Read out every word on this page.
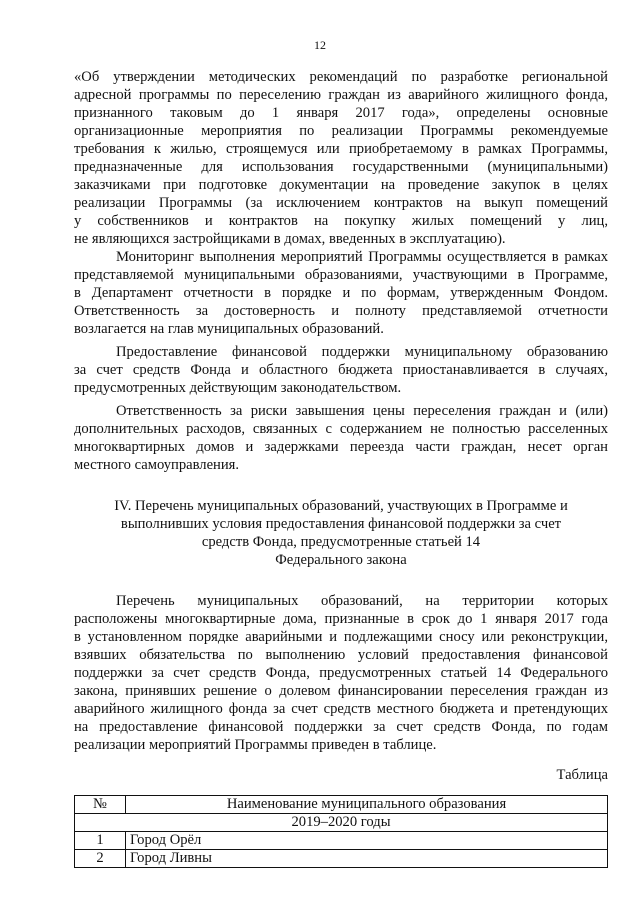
12
«Об утверждении методических рекомендаций по разработке региональной
адресной программы по переселению граждан из аварийного жилищного фонда,
признанного таковым до 1 января 2017 года», определены основные
организационные мероприятия по реализации Программы рекомендуемые
требования к жилью, строящемуся или приобретаемому в рамках Программы,
предназначенные для использования государственными (муниципальными)
заказчиками при подготовке документации на проведение закупок в целях
реализации Программы (за исключением контрактов на выкуп помещений
у собственников и контрактов на покупку жилых помещений у лиц,
не являющихся застройщиками в домах, введенных в эксплуатацию).
Мониторинг выполнения мероприятий Программы осуществляется в рамках
представляемой муниципальными образованиями, участвующими в Программе,
в Департамент отчетности в порядке и по формам, утвержденным Фондом.
Ответственность за достоверность и полноту представляемой отчетности
возлагается на глав муниципальных образований.
Предоставление финансовой поддержки муниципальному образованию
за счет средств Фонда и областного бюджета приостанавливается в случаях,
предусмотренных действующим законодательством.
Ответственность за риски завышения цены переселения граждан и (или)
дополнительных расходов, связанных с содержанием не полностью расселенных
многоквартирных домов и задержками переезда части граждан, несет орган
местного самоуправления.
IV. Перечень муниципальных образований, участвующих в Программе и
выполнивших условия предоставления финансовой поддержки за счет
средств Фонда, предусмотренные статьей 14
Федерального закона
Перечень муниципальных образований, на территории которых
расположены многоквартирные дома, признанные в срок до 1 января 2017 года
в установленном порядке аварийными и подлежащими сносу или реконструкции,
взявших обязательства по выполнению условий предоставления финансовой
поддержки за счет средств Фонда, предусмотренных статьей 14 Федерального
закона, принявших решение о долевом финансировании переселения граждан из
аварийного жилищного фонда за счет средств местного бюджета и претендующих
на предоставление финансовой поддержки за счет средств Фонда, по годам
реализации мероприятий Программы приведен в таблице.
Таблица
№	Наименование муниципального образования
2019–2020 годы	
1	Город Орёл
2	Город Ливны
